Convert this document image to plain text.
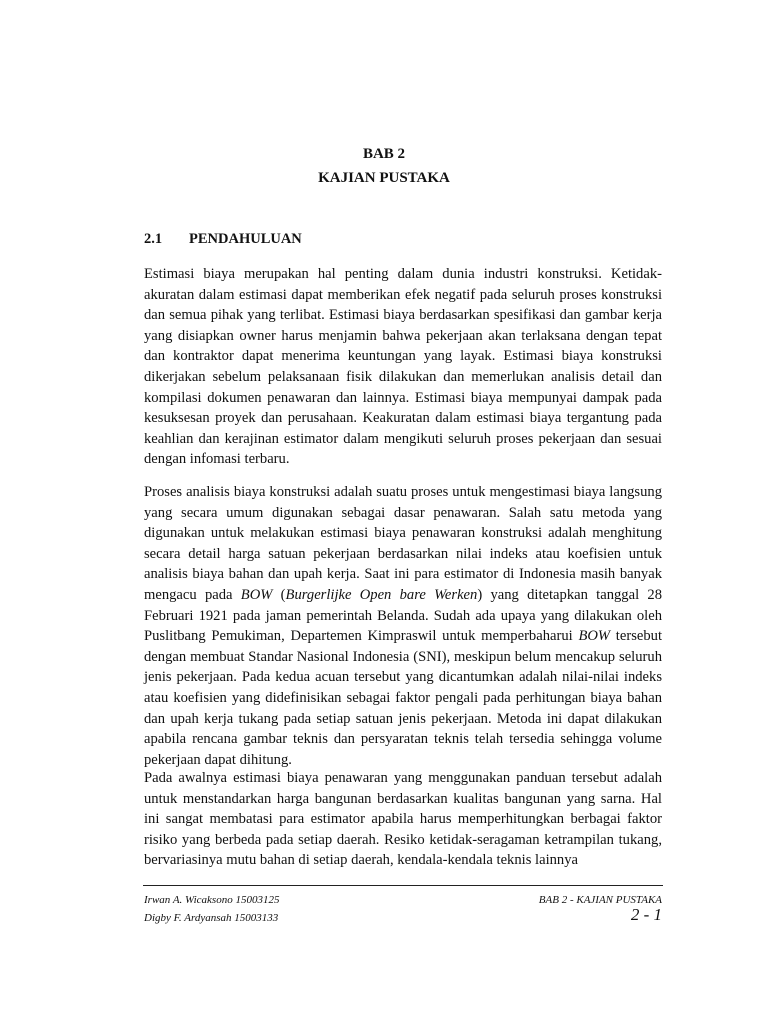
BAB 2
KAJIAN PUSTAKA
2.1 PENDAHULUAN

Estimasi biaya merupakan hal penting dalam dunia industri konstruksi. Ketidak-akuratan dalam estimasi dapat memberikan efek negatif pada seluruh proses konstruksi dan semua pihak yang terlibat. Estimasi biaya berdasarkan spesifikasi dan gambar kerja yang disiapkan owner harus menjamin bahwa pekerjaan akan terlaksana dengan tepat dan kontraktor dapat menerima keuntungan yang layak. Estimasi biaya konstruksi dikerjakan sebelum pelaksanaan fisik dilakukan dan memerlukan analisis detail dan kompilasi dokumen penawaran dan lainnya. Estimasi biaya mempunyai dampak pada kesuksesan proyek dan perusahaan. Keakuratan dalam estimasi biaya tergantung pada keahlian dan kerajinan estimator dalam mengikuti seluruh proses pekerjaan dan sesuai dengan infomasi terbaru.

Proses analisis biaya konstruksi adalah suatu proses untuk mengestimasi biaya langsung yang secara umum digunakan sebagai dasar penawaran. Salah satu metoda yang digunakan untuk melakukan estimasi biaya penawaran konstruksi adalah menghitung secara detail harga satuan pekerjaan berdasarkan nilai indeks atau koefisien untuk analisis biaya bahan dan upah kerja. Saat ini para estimator di Indonesia masih banyak mengacu pada BOW (Burgerlijke Open bare Werken) yang ditetapkan tanggal 28 Februari 1921 pada jaman pemerintah Belanda. Sudah ada upaya yang dilakukan oleh Puslitbang Pemukiman, Departemen Kimpraswil untuk memperbaharui BOW tersebut dengan membuat Standar Nasional Indonesia (SNI), meskipun belum mencakup seluruh jenis pekerjaan. Pada kedua acuan tersebut yang dicantumkan adalah nilai-nilai indeks atau koefisien yang didefinisikan sebagai faktor pengali pada perhitungan biaya bahan dan upah kerja tukang pada setiap satuan jenis pekerjaan. Metoda ini dapat dilakukan apabila rencana gambar teknis dan persyaratan teknis telah tersedia sehingga volume pekerjaan dapat dihitung.

Pada awalnya estimasi biaya penawaran yang menggunakan panduan tersebut adalah untuk menstandarkan harga bangunan berdasarkan kualitas bangunan yang sarna. Hal ini sangat membatasi para estimator apabila harus memperhitungkan berbagai faktor risiko yang berbeda pada setiap daerah. Resiko ketidak-seragaman ketrampilan tukang, bervariasinya mutu bahan di setiap daerah, kendala-kendala teknis lainnya

Irwan A. Wicaksono 15003125
Digby F. Ardyansah 15003133
BAB 2 - KAJIAN PUSTAKA
2 - 1
